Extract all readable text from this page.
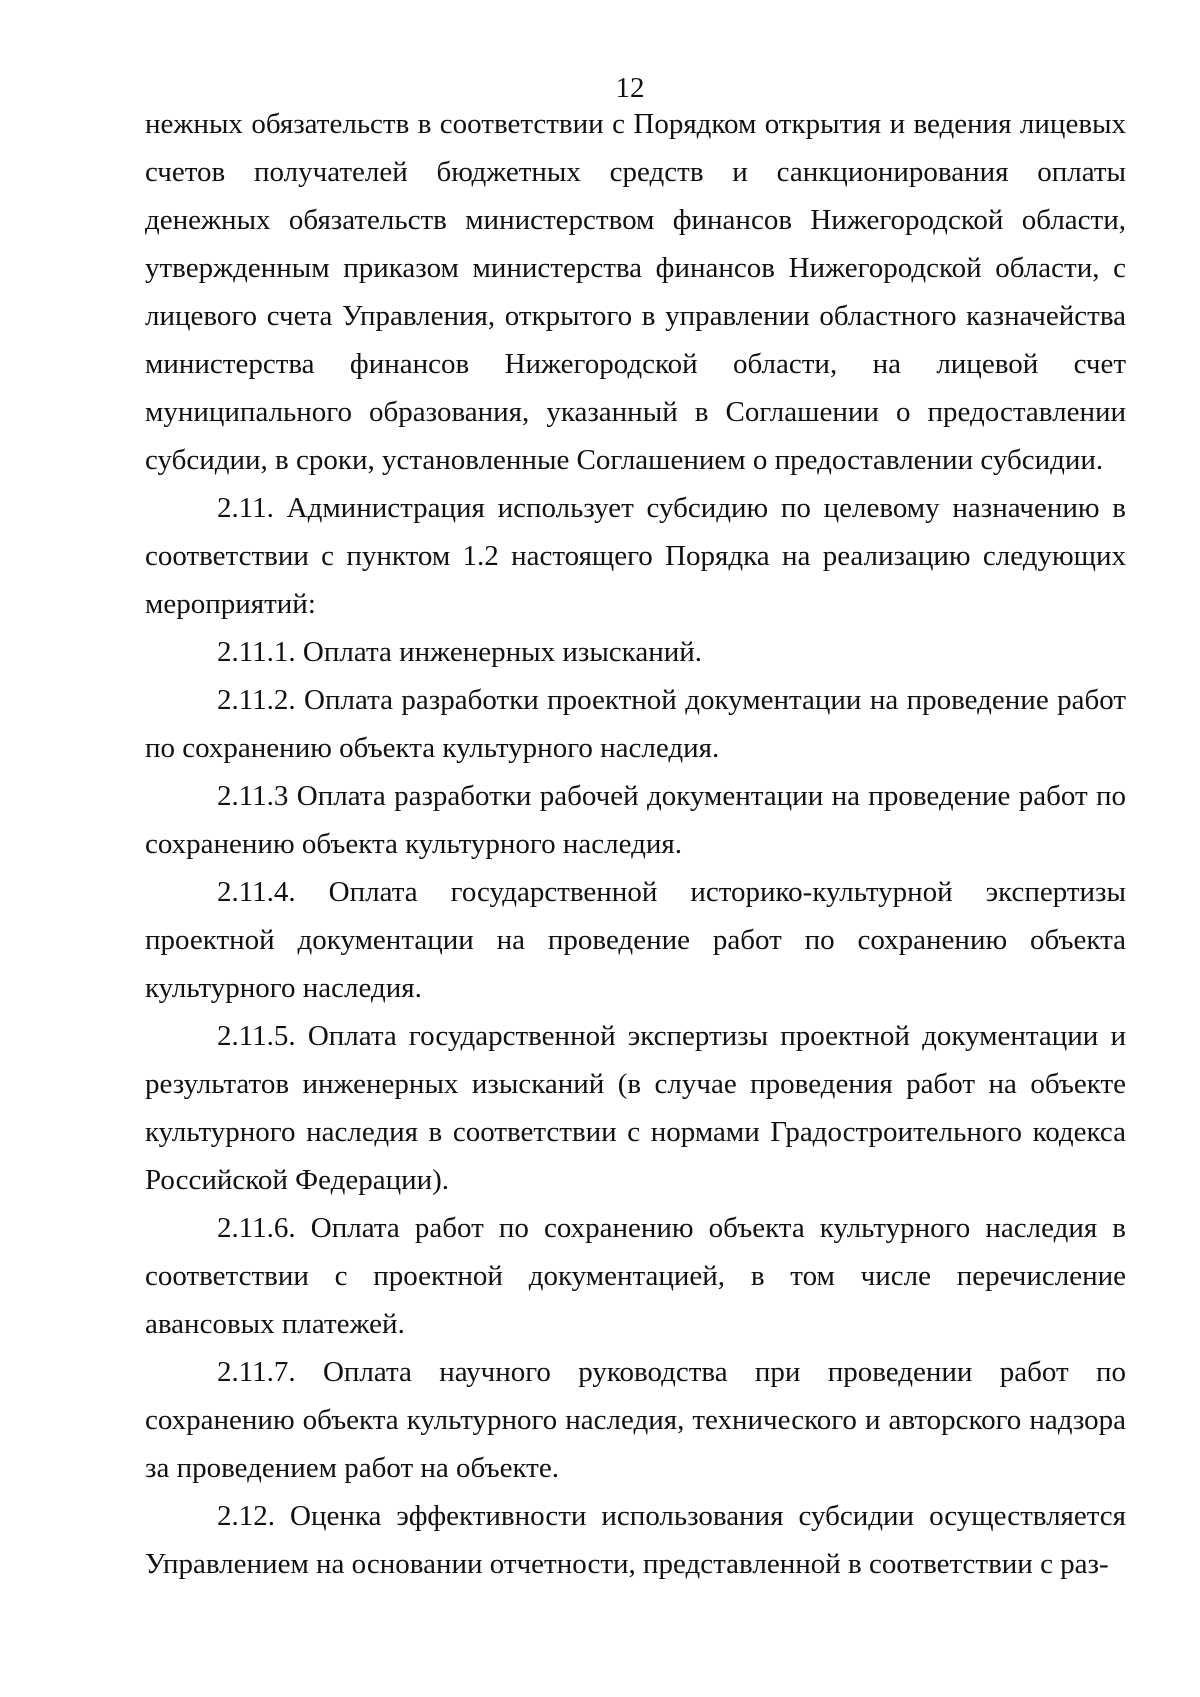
12

нежных обязательств в соответствии с Порядком открытия и ведения лицевых счетов получателей бюджетных средств и санкционирования оплаты денежных обязательств министерством финансов Нижегородской области, утвержденным приказом министерства финансов Нижегородской области, с лицевого счета Управления, открытого в управлении областного казначейства министерства финансов Нижегородской области, на лицевой счет муниципального образования, указанный в Соглашении о предоставлении субсидии, в сроки, установленные Соглашением о предоставлении субсидии.

2.11. Администрация использует субсидию по целевому назначению в соответствии с пунктом 1.2 настоящего Порядка на реализацию следующих мероприятий:

2.11.1. Оплата инженерных изысканий.

2.11.2. Оплата разработки проектной документации на проведение работ по сохранению объекта культурного наследия.

2.11.3 Оплата разработки рабочей документации на проведение работ по сохранению объекта культурного наследия.

2.11.4. Оплата государственной историко-культурной экспертизы проектной документации на проведение работ по сохранению объекта культурного наследия.

2.11.5. Оплата государственной экспертизы проектной документации и результатов инженерных изысканий (в случае проведения работ на объекте культурного наследия в соответствии с нормами Градостроительного кодекса Российской Федерации).

2.11.6. Оплата работ по сохранению объекта культурного наследия в соответствии с проектной документацией, в том числе перечисление авансовых платежей.

2.11.7. Оплата научного руководства при проведении работ по сохранению объекта культурного наследия, технического и авторского надзора за проведением работ на объекте.

2.12. Оценка эффективности использования субсидии осуществляется Управлением на основании отчетности, представленной в соответствии с раз-
